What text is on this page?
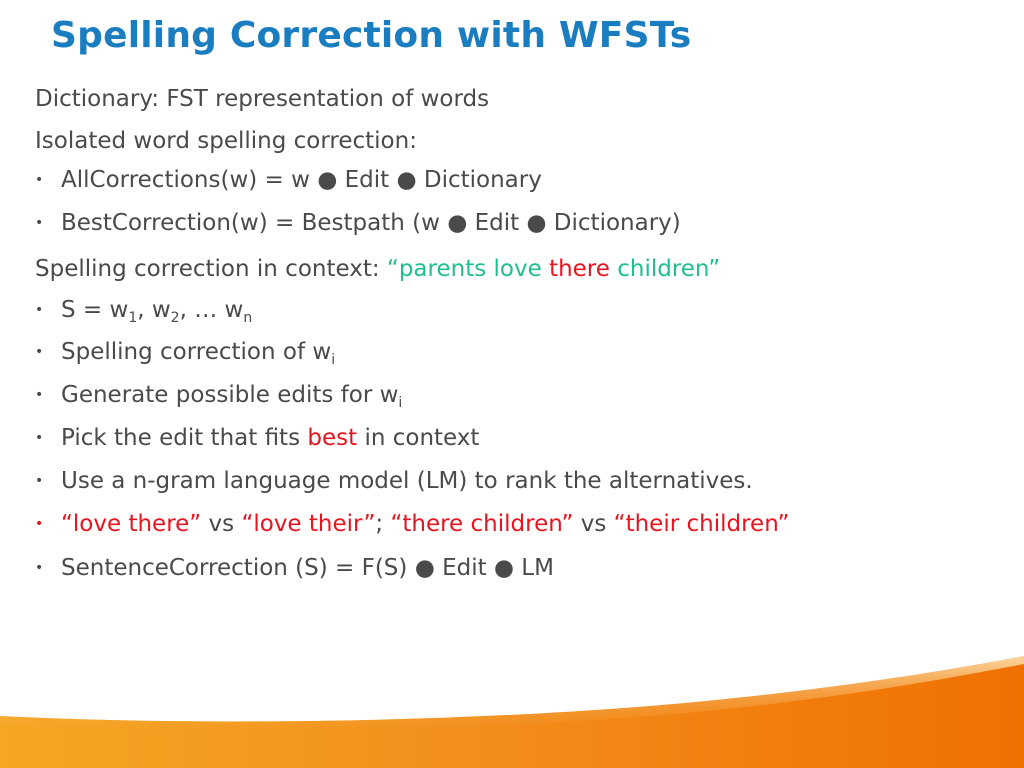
Spelling Correction with WFSTs
Dictionary: FST representation of words
Isolated word spelling correction:
• AllCorrections(w) = w ● Edit ● Dictionary
• BestCorrection(w) = Bestpath (w ● Edit ● Dictionary)
Spelling correction in context: “parents love there children”
• $S = w_1$, $w_2$, … $w_n$
• Spelling correction of $w_i$
• Generate possible edits for $w_i$
• Pick the edit that fits best in context
• Use a n-gram language model (LM) to rank the alternatives.
• “love there” vs “love their”; “there children” vs “their children”
• SentenceCorrection (S) = F(S) ● Edit ● LM
